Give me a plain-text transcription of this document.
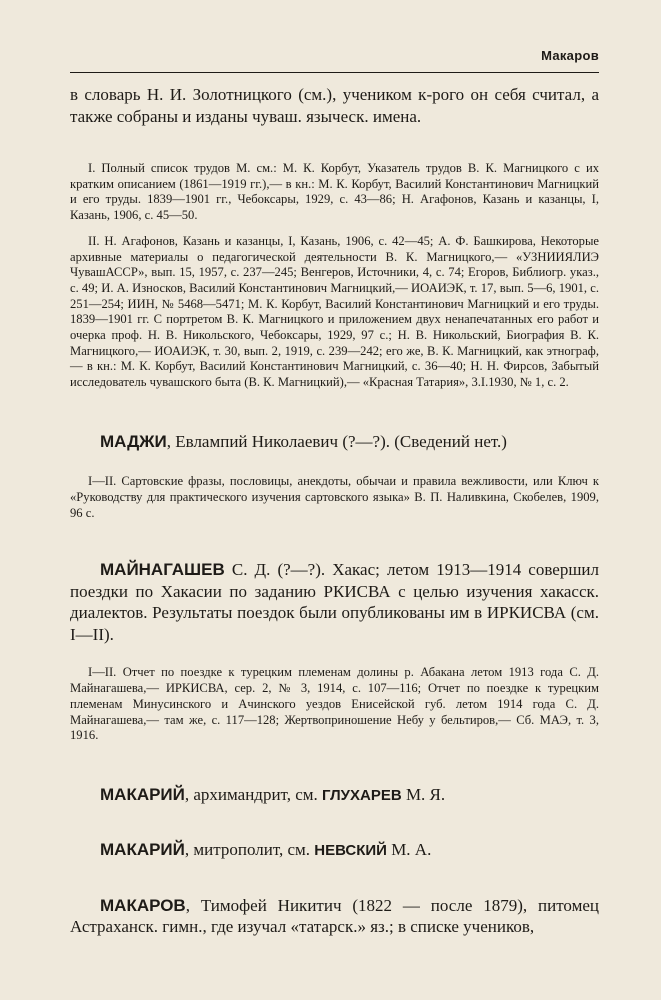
Макаров

в словарь Н. И. Золотницкого (см.), учеником к-рого он себя считал, а также собраны и изданы чуваш. языческ. имена.

I. Полный список трудов М. см.: М. К. Корбут, Указатель трудов В. К. Магницкого с их кратким описанием (1861—1919 гг.),— в кн.: М. К. Корбут, Василий Константинович Магницкий и его труды. 1839—1901 гг., Чебоксары, 1929, с. 43—86; Н. Агафонов, Казань и казанцы, I, Казань, 1906, с. 45—50.

II. Н. Агафонов, Казань и казанцы, I, Казань, 1906, с. 42—45; А. Ф. Башкирова, Некоторые архивные материалы о педагогической деятельности В. К. Магницкого,— «УЗНИИЯЛИЭ ЧувашАССР», вып. 15, 1957, с. 237—245; Венгеров, Источники, 4, с. 74; Егоров, Библиогр. указ., с. 49; И. А. Износков, Василий Константинович Магницкий,— ИОАИЭК, т. 17, вып. 5—6, 1901, с. 251—254; ИИН, № 5468—5471; М. К. Корбут, Василий Константинович Магницкий и его труды. 1839—1901 гг. С портретом В. К. Магницкого и приложением двух ненапечатанных его работ и очерка проф. Н. В. Никольского, Чебоксары, 1929, 97 с.; Н. В. Никольский, Биография В. К. Магницкого,— ИОАИЭК, т. 30, вып. 2, 1919, с. 239—242; его же, В. К. Магницкий, как этнограф,— в кн.: М. К. Корбут, Василий Константинович Магницкий, с. 36—40; Н. Н. Фирсов, Забытый исследователь чувашского быта (В. К. Магницкий),— «Красная Татария», 3.I.1930, № 1, с. 2.

МАДЖИ, Евлампий Николаевич (?—?). (Сведений нет.)

I—II. Сартовские фразы, пословицы, анекдоты, обычаи и правила вежливости, или Ключ к «Руководству для практического изучения сартовского языка» В. П. Наливкина, Скобелев, 1909, 96 с.

МАЙНАГАШЕВ С. Д. (?—?). Хакас; летом 1913—1914 совершил поездки по Хакасии по заданию РКИСВА с целью изучения хакасск. диалектов. Результаты поездок были опубликованы им в ИРКИСВА (см. I—II).

I—II. Отчет по поездке к турецким племенам долины р. Абакана летом 1913 года С. Д. Майнагашева,— ИРКИСВА, сер. 2, № 3, 1914, с. 107—116; Отчет по поездке к турецким племенам Минусинского и Ачинского уездов Енисейской губ. летом 1914 года С. Д. Майнагашева,— там же, с. 117—128; Жертвоприношение Небу у бельтиров,— Сб. МАЭ, т. 3, 1916.

МАКАРИЙ, архимандрит, см. ГЛУХАРЕВ М. Я.

МАКАРИЙ, митрополит, см. НЕВСКИЙ М. А.

МАКАРОВ, Тимофей Никитич (1822 — после 1879), питомец Астраханск. гимн., где изучал «татарск.» яз.; в списке учеников,
